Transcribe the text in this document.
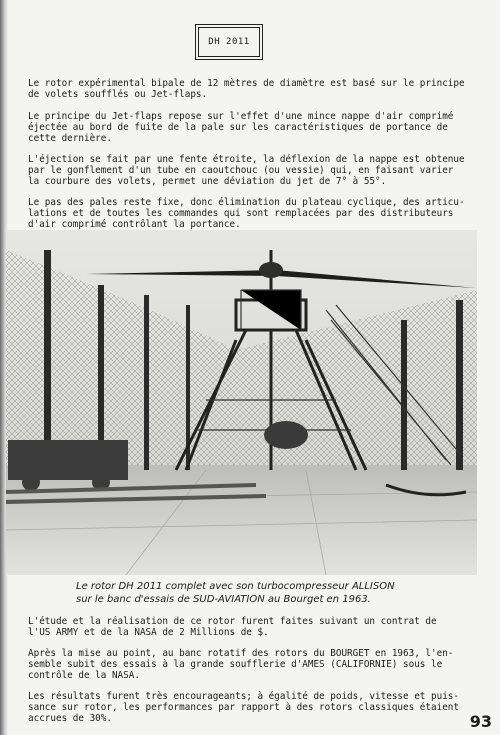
DH 2011

Le rotor expérimental bipale de 12 mètres de diamètre est basé sur le principe
de volets soufflés ou Jet-flaps.

Le principe du Jet-flaps repose sur l'effet d'une mince nappe d'air comprimé
éjectée au bord de fuite de la pale sur les caractéristiques de portance de
cette dernière.

L'éjection se fait par une fente étroite, la déflexion de la nappe est obtenue
par le gonflement d'un tube en caoutchouc (ou vessie) qui, en faisant varier
la courbure des volets, permet une déviation du jet de 7° à 55°.

Le pas des pales reste fixe, donc élimination du plateau cyclique, des articu-
lations et de toutes les commandes qui sont remplacées par des distributeurs
d'air comprimé contrôlant la portance.

Le rotor DH 2011 complet avec son turbocompresseur ALLISON
sur le banc d'essais de SUD-AVIATION au Bourget en 1963.

L'étude et la réalisation de ce rotor furent faites suivant un contrat de
l'US ARMY et de la NASA de 2 Millions de $.

Après la mise au point, au banc rotatif des rotors du BOURGET en 1963, l'en-
semble subit des essais à la grande soufflerie d'AMES (CALIFORNIE) sous le
contrôle de la NASA.

Les résultats furent très encourageants; à égalité de poids, vitesse et puis-
sance sur rotor, les performances par rapport à des rotors classiques étaient
accrues de 30%.	93
